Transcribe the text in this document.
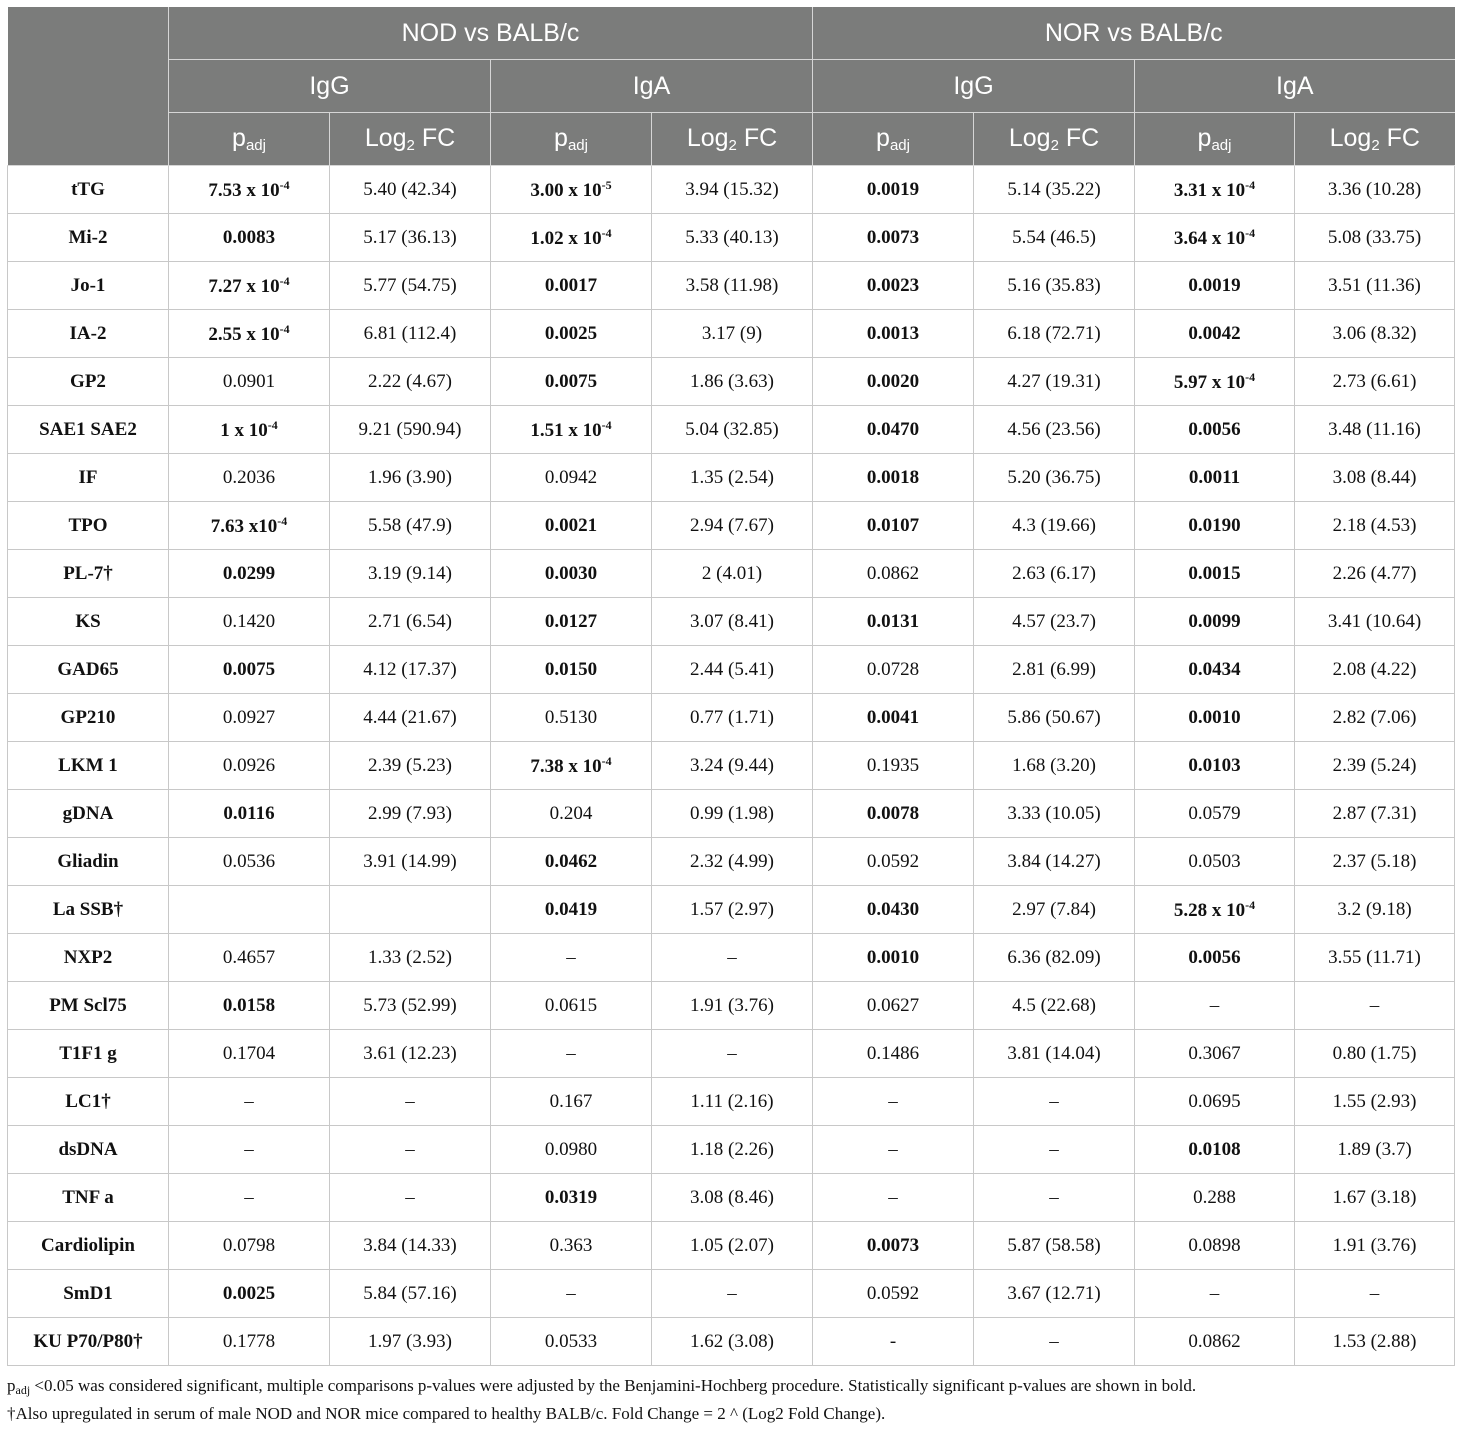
	NOD vs BALB/c				NOR vs BALB/c			
	IgG		IgA		IgG		IgA	
	$p_{adj}$	Log$_2$ FC	$p_{adj}$	Log$_2$ FC	$p_{adj}$	Log$_2$ FC	$p_{adj}$	Log$_2$ FC
tTG	7.53 x $10^{-4}$	5.40 (42.34)	3.00 x $10^{-5}$	3.94 (15.32)	0.0019	5.14 (35.22)	3.31 x $10^{-4}$	3.36 (10.28)
Mi-2	0.0083	5.17 (36.13)	1.02 x $10^{-4}$	5.33 (40.13)	0.0073	5.54 (46.5)	3.64 x $10^{-4}$	5.08 (33.75)
Jo-1	7.27 x $10^{-4}$	5.77 (54.75)	0.0017	3.58 (11.98)	0.0023	5.16 (35.83)	0.0019	3.51 (11.36)
IA-2	2.55 x $10^{-4}$	6.81 (112.4)	0.0025	3.17 (9)	0.0013	6.18 (72.71)	0.0042	3.06 (8.32)
GP2	0.0901	2.22 (4.67)	0.0075	1.86 (3.63)	0.0020	4.27 (19.31)	5.97 x $10^{-4}$	2.73 (6.61)
SAE1 SAE2	1 x $10^{-4}$	9.21 (590.94)	1.51 x $10^{-4}$	5.04 (32.85)	0.0470	4.56 (23.56)	0.0056	3.48 (11.16)
IF	0.2036	1.96 (3.90)	0.0942	1.35 (2.54)	0.0018	5.20 (36.75)	0.0011	3.08 (8.44)
TPO	7.63 $x10^{-4}$	5.58 (47.9)	0.0021	2.94 (7.67)	0.0107	4.3 (19.66)	0.0190	2.18 (4.53)
PL-7†	0.0299	3.19 (9.14)	0.0030	2 (4.01)	0.0862	2.63 (6.17)	0.0015	2.26 (4.77)
KS	0.1420	2.71 (6.54)	0.0127	3.07 (8.41)	0.0131	4.57 (23.7)	0.0099	3.41 (10.64)
GAD65	0.0075	4.12 (17.37)	0.0150	2.44 (5.41)	0.0728	2.81 (6.99)	0.0434	2.08 (4.22)
GP210	0.0927	4.44 (21.67)	0.5130	0.77 (1.71)	0.0041	5.86 (50.67)	0.0010	2.82 (7.06)
LKM 1	0.0926	2.39 (5.23)	7.38 x $10^{-4}$	3.24 (9.44)	0.1935	1.68 (3.20)	0.0103	2.39 (5.24)
gDNA	0.0116	2.99 (7.93)	0.204	0.99 (1.98)	0.0078	3.33 (10.05)	0.0579	2.87 (7.31)
Gliadin	0.0536	3.91 (14.99)	0.0462	2.32 (4.99)	0.0592	3.84 (14.27)	0.0503	2.37 (5.18)
La SSB†			0.0419	1.57 (2.97)	0.0430	2.97 (7.84)	5.28 x $10^{-4}$	3.2 (9.18)
NXP2	0.4657	1.33 (2.52)	–	–	0.0010	6.36 (82.09)	0.0056	3.55 (11.71)
PM Scl75	0.0158	5.73 (52.99)	0.0615	1.91 (3.76)	0.0627	4.5 (22.68)	–	–
T1F1 g	0.1704	3.61 (12.23)	–	–	0.1486	3.81 (14.04)	0.3067	0.80 (1.75)
LC1†	–	–	0.167	1.11 (2.16)	–	–	0.0695	1.55 (2.93)
dsDNA	–	–	0.0980	1.18 (2.26)	–	–	0.0108	1.89 (3.7)
TNF a	–	–	0.0319	3.08 (8.46)	–	–	0.288	1.67 (3.18)
Cardiolipin	0.0798	3.84 (14.33)	0.363	1.05 (2.07)	0.0073	5.87 (58.58)	0.0898	1.91 (3.76)
SmD1	0.0025	5.84 (57.16)	–	–	0.0592	3.67 (12.71)	–	–
KU P70/P80†	0.1778	1.97 (3.93)	0.0533	1.62 (3.08)	-	–	0.0862	1.53 (2.88)
$p_{adj} <0.05$ was considered significant, multiple comparisons p-values were adjusted by the Benjamini-Hochberg procedure. Statistically significant p-values are shown in bold.
†Also upregulated in serum of male NOD and NOR mice compared to healthy BALB/c. Fold Change = 2 ^ (Log2 Fold Change).
